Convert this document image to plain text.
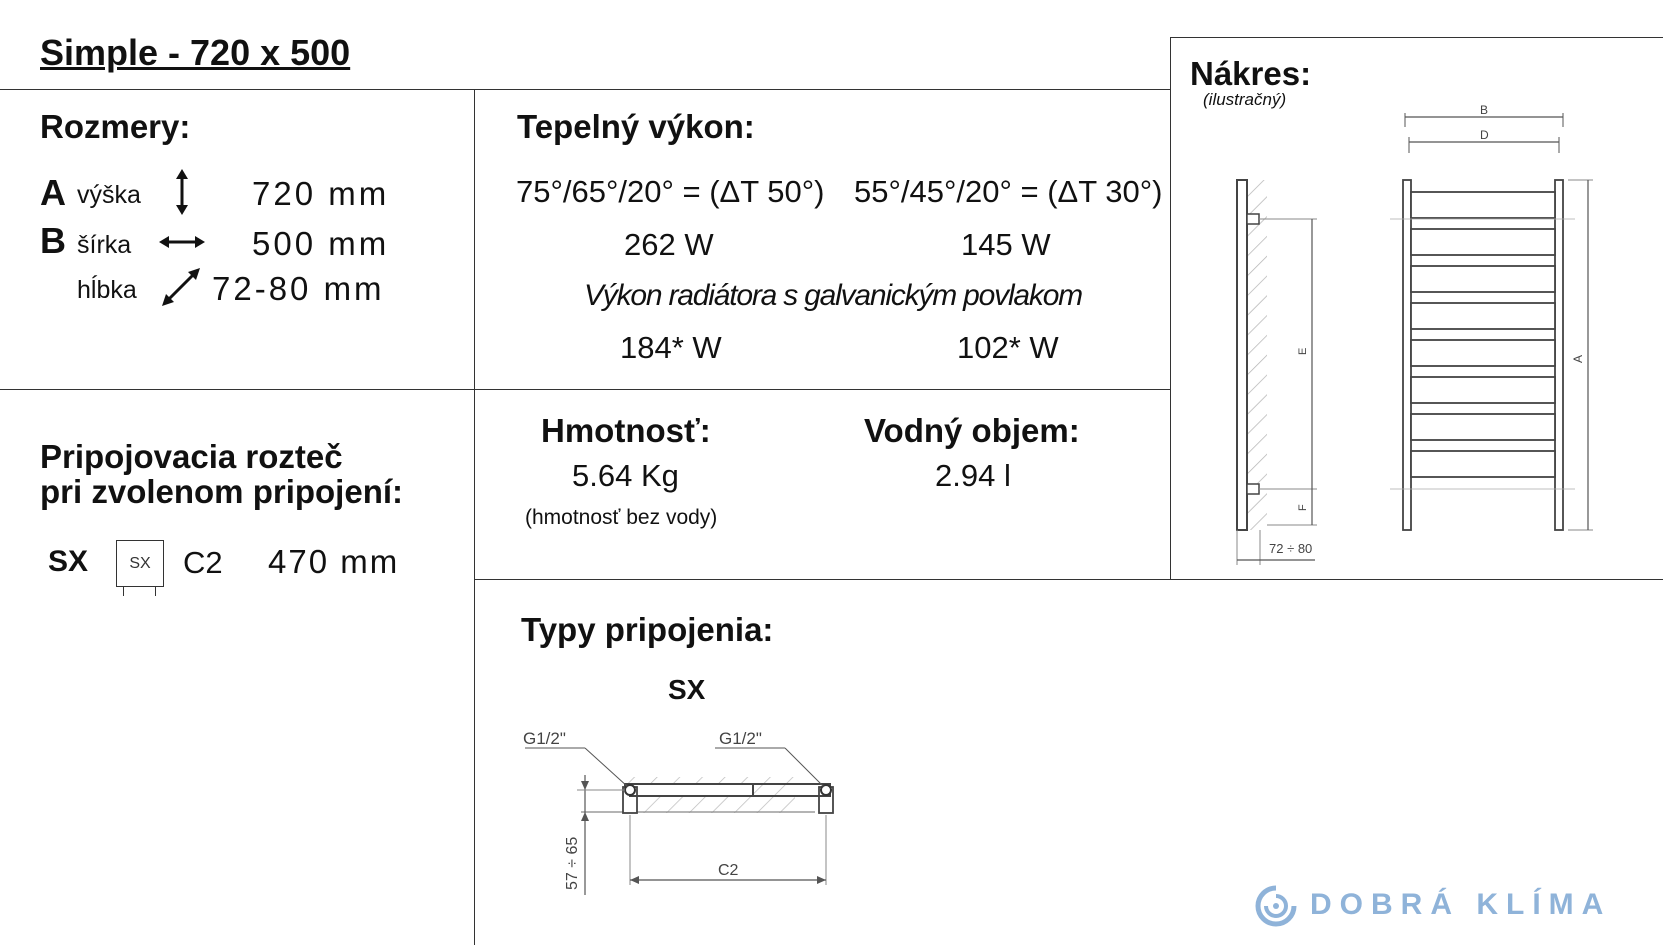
Simple - 720 x 500
Rozmery:
A výška	720 mm
B šírka	500 mm
hĺbka 72-80 mm
Tepelný výkon:
75°/65°/20° = (ΔT 50°) 55°/45°/20° = (ΔT 30°)
262 W	145 W
Výkon radiátora s galvanickým povlakom
184* W	102* W
Nákres:
(ilustračný)
E
F
72 ÷ 80
B
D
A
Pripojovacia rozteč
pri zvolenom pripojení:
SX	SX	C2 470 mm
Hmotnosť:
5.64 Kg
(hmotnosť bez vody)
Vodný objem:
2.94 l
Typy pripojenia:
SX
G1/2"	G1/2"
57 ÷ 65	C2
DOBRÁ KLÍMA
